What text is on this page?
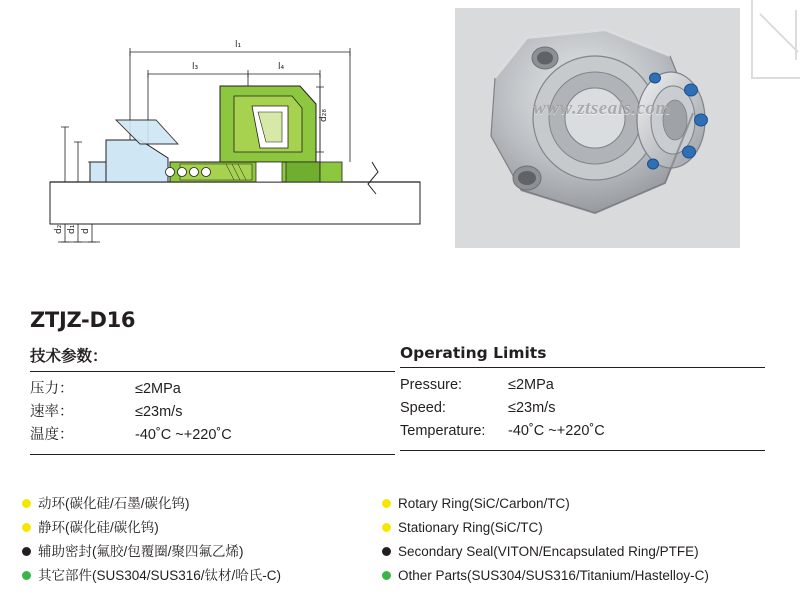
l₁
l₃	l₄
d₂₈
d₂ d₁ d
www.ztseals.com
ZTJZ-D16
技术参数：
压力：	≤2MPa
速率：	≤23m/s
温度：	-40˚C ~+220˚C
Operating Limits
Pressure:	≤2MPa
Speed:	≤23m/s
Temperature:	-40˚C ~+220˚C
动环(碳化硅/石墨/碳化钨)
静环(碳化硅/碳化钨)
辅助密封(氟胶/包覆圈/聚四氟乙烯)
其它部件(SUS304/SUS316/钛材/哈氏-C)
Rotary Ring(SiC/Carbon/TC)
Stationary Ring(SiC/TC)
Secondary Seal(VITON/Encapsulated Ring/PTFE)
Other Parts(SUS304/SUS316/Titanium/Hastelloy-C)
